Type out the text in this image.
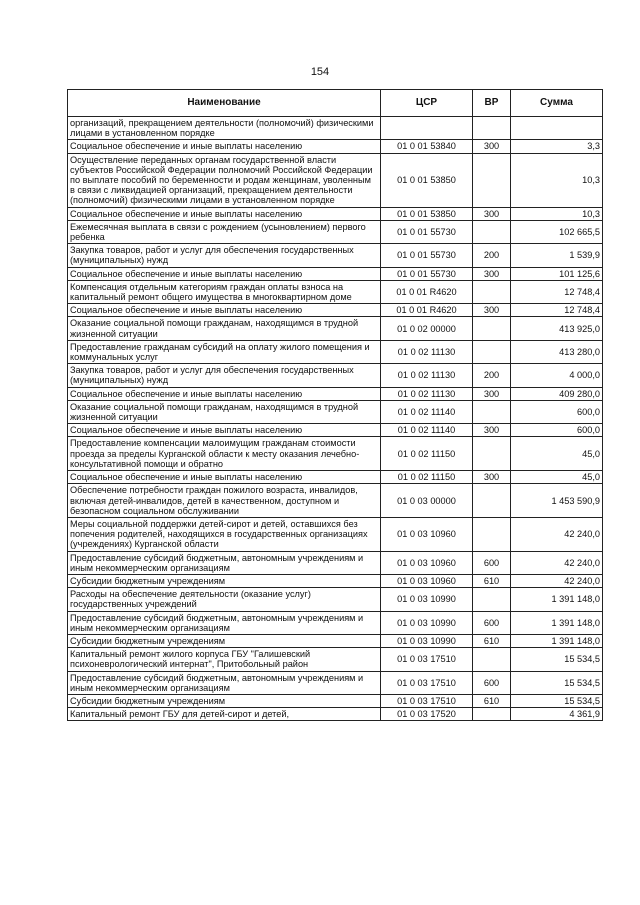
154
Наименование	ЦСР	ВР	Сумма
организаций, прекращением деятельности (полномочий) физическими лицами в установленном порядке			
Социальное обеспечение и иные выплаты населению	01 0 01 53840	300	3,3
Осуществление переданных органам государственной власти субъектов Российской Федерации полномочий Российской Федерации по выплате пособий по беременности и родам женщинам, уволенным в связи с ликвидацией организаций, прекращением деятельности (полномочий) физическими лицами в установленном порядке	01 0 01 53850		10,3
Социальное обеспечение и иные выплаты населению	01 0 01 53850	300	10,3
Ежемесячная выплата в связи с рождением (усыновлением) первого ребенка	01 0 01 55730		102 665,5
Закупка товаров, работ и услуг для обеспечения государственных (муниципальных) нужд	01 0 01 55730	200	1 539,9
Социальное обеспечение и иные выплаты населению	01 0 01 55730	300	101 125,6
Компенсация отдельным категориям граждан оплаты взноса на капитальный ремонт общего имущества в многоквартирном доме	01 0 01 R4620		12 748,4
Социальное обеспечение и иные выплаты населению	01 0 01 R4620	300	12 748,4
Оказание социальной помощи гражданам, находящимся в трудной жизненной ситуации	01 0 02 00000		413 925,0
Предоставление гражданам субсидий на оплату жилого помещения и коммунальных услуг	01 0 02 11130		413 280,0
Закупка товаров, работ и услуг для обеспечения государственных (муниципальных) нужд	01 0 02 11130	200	4 000,0
Социальное обеспечение и иные выплаты населению	01 0 02 11130	300	409 280,0
Оказание социальной помощи гражданам, находящимся в трудной жизненной ситуации	01 0 02 11140		600,0
Социальное обеспечение и иные выплаты населению	01 0 02 11140	300	600,0
Предоставление компенсации малоимущим гражданам стоимости проезда за пределы Курганской области к месту оказания лечебно-консультативной помощи и обратно	01 0 02 11150		45,0
Социальное обеспечение и иные выплаты населению	01 0 02 11150	300	45,0
Обеспечение потребности граждан пожилого возраста, инвалидов, включая детей-инвалидов, детей в качественном, доступном и безопасном социальном обслуживании	01 0 03 00000		1 453 590,9
Меры социальной поддержки детей-сирот и детей, оставшихся без попечения родителей, находящихся в государственных организациях (учреждениях) Курганской области	01 0 03 10960		42 240,0
Предоставление субсидий бюджетным, автономным учреждениям и иным некоммерческим организациям	01 0 03 10960	600	42 240,0
Субсидии бюджетным учреждениям	01 0 03 10960	610	42 240,0
Расходы на обеспечение деятельности (оказание услуг) государственных учреждений	01 0 03 10990		1 391 148,0
Предоставление субсидий бюджетным, автономным учреждениям и иным некоммерческим организациям	01 0 03 10990	600	1 391 148,0
Субсидии бюджетным учреждениям	01 0 03 10990	610	1 391 148,0
Капитальный ремонт жилого корпуса ГБУ "Галишевский психоневрологический интернат", Притобольный район	01 0 03 17510		15 534,5
Предоставление субсидий бюджетным, автономным учреждениям и иным некоммерческим организациям	01 0 03 17510	600	15 534,5
Субсидии бюджетным учреждениям	01 0 03 17510	610	15 534,5
Капитальный ремонт ГБУ для детей-сирот и детей,	01 0 03 17520		4 361,9
